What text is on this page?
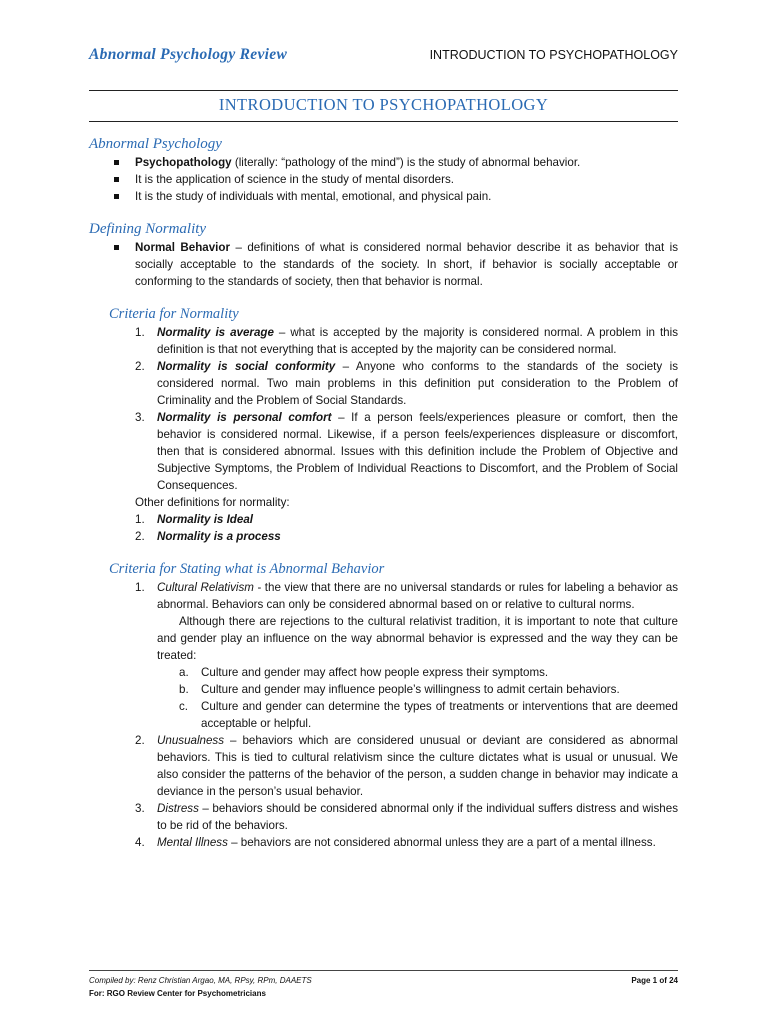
Abnormal Psychology Review	INTRODUCTION TO PSYCHOPATHOLOGY
INTRODUCTION TO PSYCHOPATHOLOGY
Abnormal Psychology
Psychopathology (literally: “pathology of the mind”) is the study of abnormal behavior.
It is the application of science in the study of mental disorders.
It is the study of individuals with mental, emotional, and physical pain.
Defining Normality
Normal Behavior – definitions of what is considered normal behavior describe it as behavior that is socially acceptable to the standards of the society. In short, if behavior is socially acceptable or conforming to the standards of society, then that behavior is normal.
Criteria for Normality
1. Normality is average – what is accepted by the majority is considered normal. A problem in this definition is that not everything that is accepted by the majority can be considered normal.
2. Normality is social conformity – Anyone who conforms to the standards of the society is considered normal. Two main problems in this definition put consideration to the Problem of Criminality and the Problem of Social Standards.
3. Normality is personal comfort – If a person feels/experiences pleasure or comfort, then the behavior is considered normal. Likewise, if a person feels/experiences displeasure or discomfort, then that is considered abnormal. Issues with this definition include the Problem of Objective and Subjective Symptoms, the Problem of Individual Reactions to Discomfort, and the Problem of Social Consequences.

Other definitions for normality:

1. Normality is Ideal
2. Normality is a process
Criteria for Stating what is Abnormal Behavior
1. Cultural Relativism - the view that there are no universal standards or rules for labeling a behavior as abnormal. Behaviors can only be considered abnormal based on or relative to cultural norms.

Although there are rejections to the cultural relativist tradition, it is important to note that culture and gender play an influence on the way abnormal behavior is expressed and the way they can be treated:

a. Culture and gender may affect how people express their symptoms.
b. Culture and gender may influence people’s willingness to admit certain behaviors.
c. Culture and gender can determine the types of treatments or interventions that are deemed acceptable or helpful.
2. Unusualness – behaviors which are considered unusual or deviant are considered as abnormal behaviors. This is tied to cultural relativism since the culture dictates what is usual or unusual. We also consider the patterns of the behavior of the person, a sudden change in behavior may indicate a deviance in the person’s usual behavior.
3. Distress – behaviors should be considered abnormal only if the individual suffers distress and wishes to be rid of the behaviors.
4. Mental Illness – behaviors are not considered abnormal unless they are a part of a mental illness.
Compiled by: Renz Christian Argao, MA, RPsy, RPm, DAAETS	Page 1 of 24
For: RGO Review Center for Psychometricians
